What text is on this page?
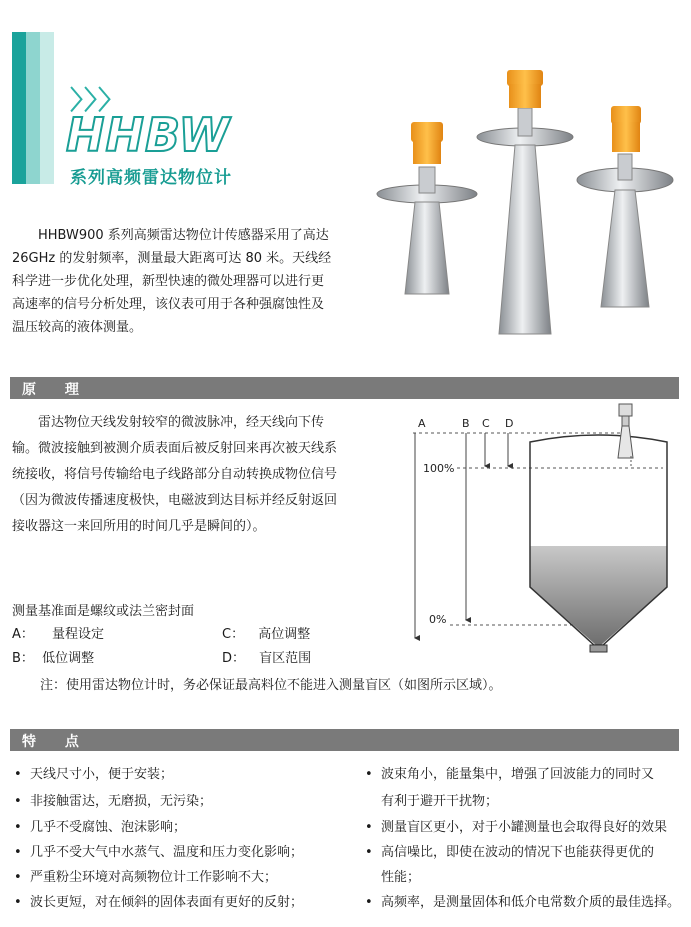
〉〉〉
HHBW
系列高频雷达物位计
HHBW900 系列高频雷达物位计传感器采用了高达 26GHz 的发射频率，测量最大距离可达 80 米。天线经科学进一步优化处理，新型快速的微处理器可以进行更高速率的信号分析处理，该仪表可用于各种强腐蚀性及温压较高的液体测量。
原 理
雷达物位天线发射较窄的微波脉冲，经天线向下传输。微波接触到被测介质表面后被反射回来再次被天线系统接收，将信号传输给电子线路部分自动转换成物位信号（因为微波传播速度极快，电磁波到达目标并经反射返回接收器这一来回所用的时间几乎是瞬间的）。
测量基准面是螺纹或法兰密封面
A： 量程设定	C： 高位调整
B： 低位调整	D： 盲区范围
注：使用雷达物位计时，务必保证最高料位不能进入测量盲区（如图所示区域）。
A	B C D
100%
0%
特 点
• 天线尺寸小，便于安装；
• 非接触雷达，无磨损，无污染；
• 几乎不受腐蚀、泡沫影响；
• 几乎不受大气中水蒸气、温度和压力变化影响；
• 严重粉尘环境对高频物位计工作影响不大；
• 波长更短，对在倾斜的固体表面有更好的反射；
• 波束角小，能量集中，增强了回波能力的同时又
有利于避开干扰物；
• 测量盲区更小，对于小罐测量也会取得良好的效果
• 高信噪比，即使在波动的情况下也能获得更优的
性能；
• 高频率，是测量固体和低介电常数介质的最佳选择。
